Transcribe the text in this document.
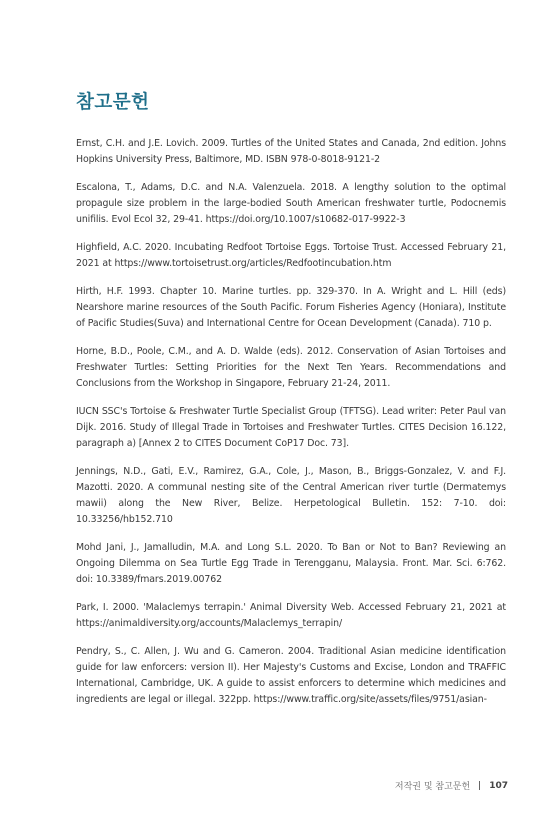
참고문헌

Ernst, C.H. and J.E. Lovich. 2009. Turtles of the United States and Canada, 2nd edition. Johns Hopkins University Press, Baltimore, MD. ISBN 978-0-8018-9121-2

Escalona, T., Adams, D.C. and N.A. Valenzuela. 2018. A lengthy solution to the optimal propagule size problem in the large-bodied South American freshwater turtle, Podocnemis unifilis. Evol Ecol 32, 29-41. https://doi.org/10.1007/s10682-017-9922-3

Highfield, A.C. 2020. Incubating Redfoot Tortoise Eggs. Tortoise Trust. Accessed February 21, 2021 at https://www.tortoisetrust.org/articles/Redfootincubation.htm

Hirth, H.F. 1993. Chapter 10. Marine turtles. pp. 329-370. In A. Wright and L. Hill (eds) Nearshore marine resources of the South Pacific. Forum Fisheries Agency (Honiara), Institute of Pacific Studies(Suva) and International Centre for Ocean Development (Canada). 710 p.

Horne, B.D., Poole, C.M., and A. D. Walde (eds). 2012. Conservation of Asian Tortoises and Freshwater Turtles: Setting Priorities for the Next Ten Years. Recommendations and Conclusions from the Workshop in Singapore, February 21-24, 2011.

IUCN SSC's Tortoise & Freshwater Turtle Specialist Group (TFTSG). Lead writer: Peter Paul van Dijk. 2016. Study of Illegal Trade in Tortoises and Freshwater Turtles. CITES Decision 16.122, paragraph a) [Annex 2 to CITES Document CoP17 Doc. 73].

Jennings, N.D., Gati, E.V., Ramirez, G.A., Cole, J., Mason, B., Briggs-Gonzalez, V. and F.J. Mazotti. 2020. A communal nesting site of the Central American river turtle (Dermatemys mawii) along the New River, Belize. Herpetological Bulletin. 152: 7-10. doi: 10.33256/hb152.710

Mohd Jani, J., Jamalludin, M.A. and Long S.L. 2020. To Ban or Not to Ban? Reviewing an Ongoing Dilemma on Sea Turtle Egg Trade in Terengganu, Malaysia. Front. Mar. Sci. 6:762. doi: 10.3389/fmars.2019.00762

Park, I. 2000. 'Malaclemys terrapin.' Animal Diversity Web. Accessed February 21, 2021 at https://animaldiversity.org/accounts/Malaclemys_terrapin/

Pendry, S., C. Allen, J. Wu and G. Cameron. 2004. Traditional Asian medicine identification guide for law enforcers: version II). Her Majesty's Customs and Excise, London and TRAFFIC International, Cambridge, UK. A guide to assist enforcers to determine which medicines and ingredients are legal or illegal. 322pp. https://www.traffic.org/site/assets/files/9751/asian-

저작권 및 참고문헌 107
